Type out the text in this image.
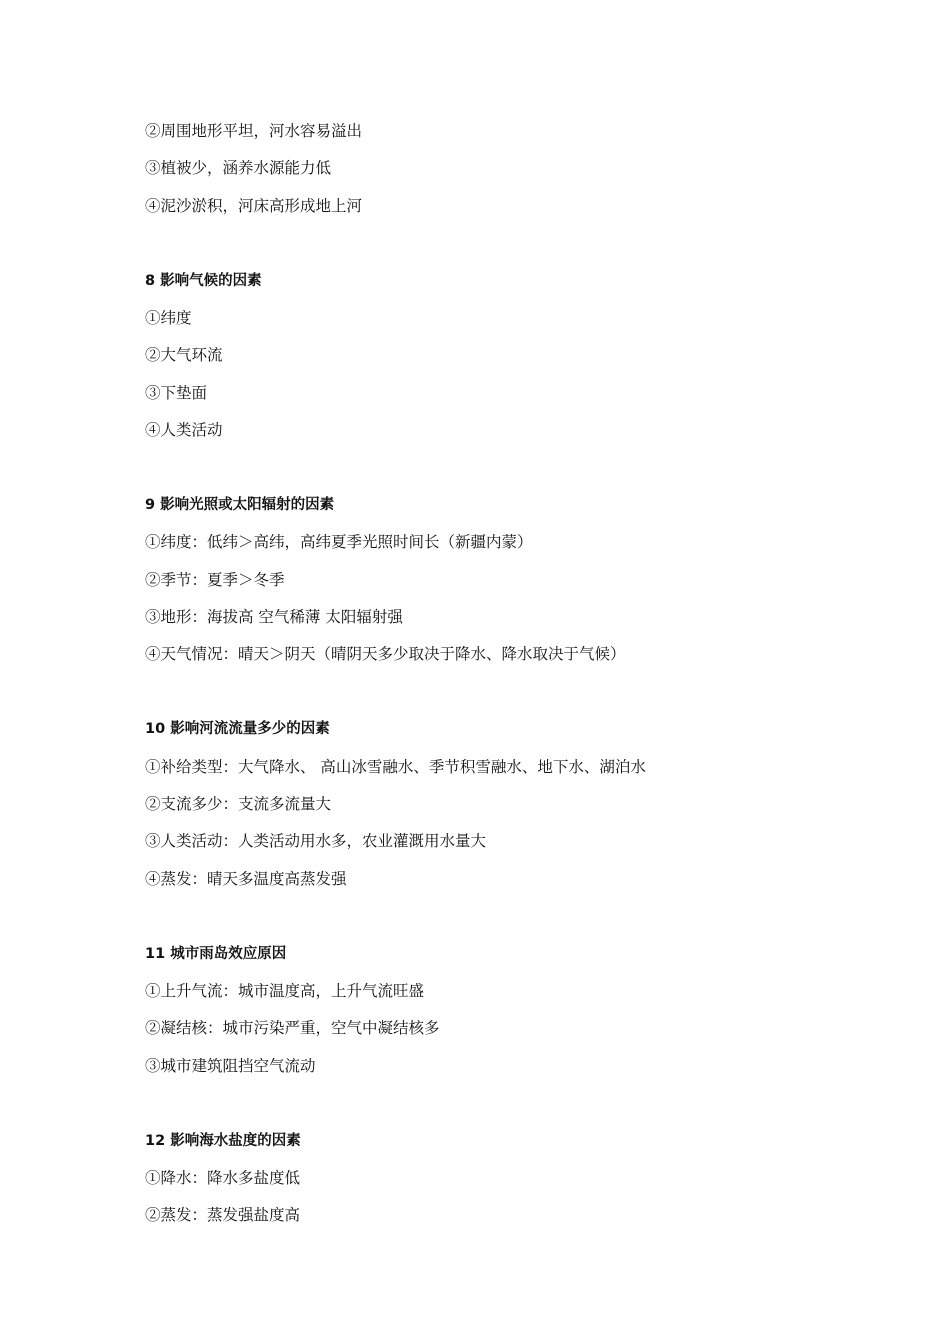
②周围地形平坦，河水容易溢出
③植被少，涵养水源能力低
④泥沙淤积，河床高形成地上河
8 影响气候的因素
①纬度
②大气环流
③下垫面
④人类活动
9 影响光照或太阳辐射的因素
①纬度：低纬＞高纬，高纬夏季光照时间长（新疆内蒙）
②季节：夏季＞冬季
③地形：海拔高 空气稀薄 太阳辐射强
④天气情况：晴天＞阴天（晴阴天多少取决于降水、降水取决于气候）
10 影响河流流量多少的因素
①补给类型：大气降水、 高山冰雪融水、季节积雪融水、地下水、湖泊水
②支流多少：支流多流量大
③人类活动：人类活动用水多，农业灌溉用水量大
④蒸发：晴天多温度高蒸发强
11 城市雨岛效应原因
①上升气流：城市温度高，上升气流旺盛
②凝结核：城市污染严重，空气中凝结核多
③城市建筑阻挡空气流动
12 影响海水盐度的因素
①降水：降水多盐度低
②蒸发：蒸发强盐度高
